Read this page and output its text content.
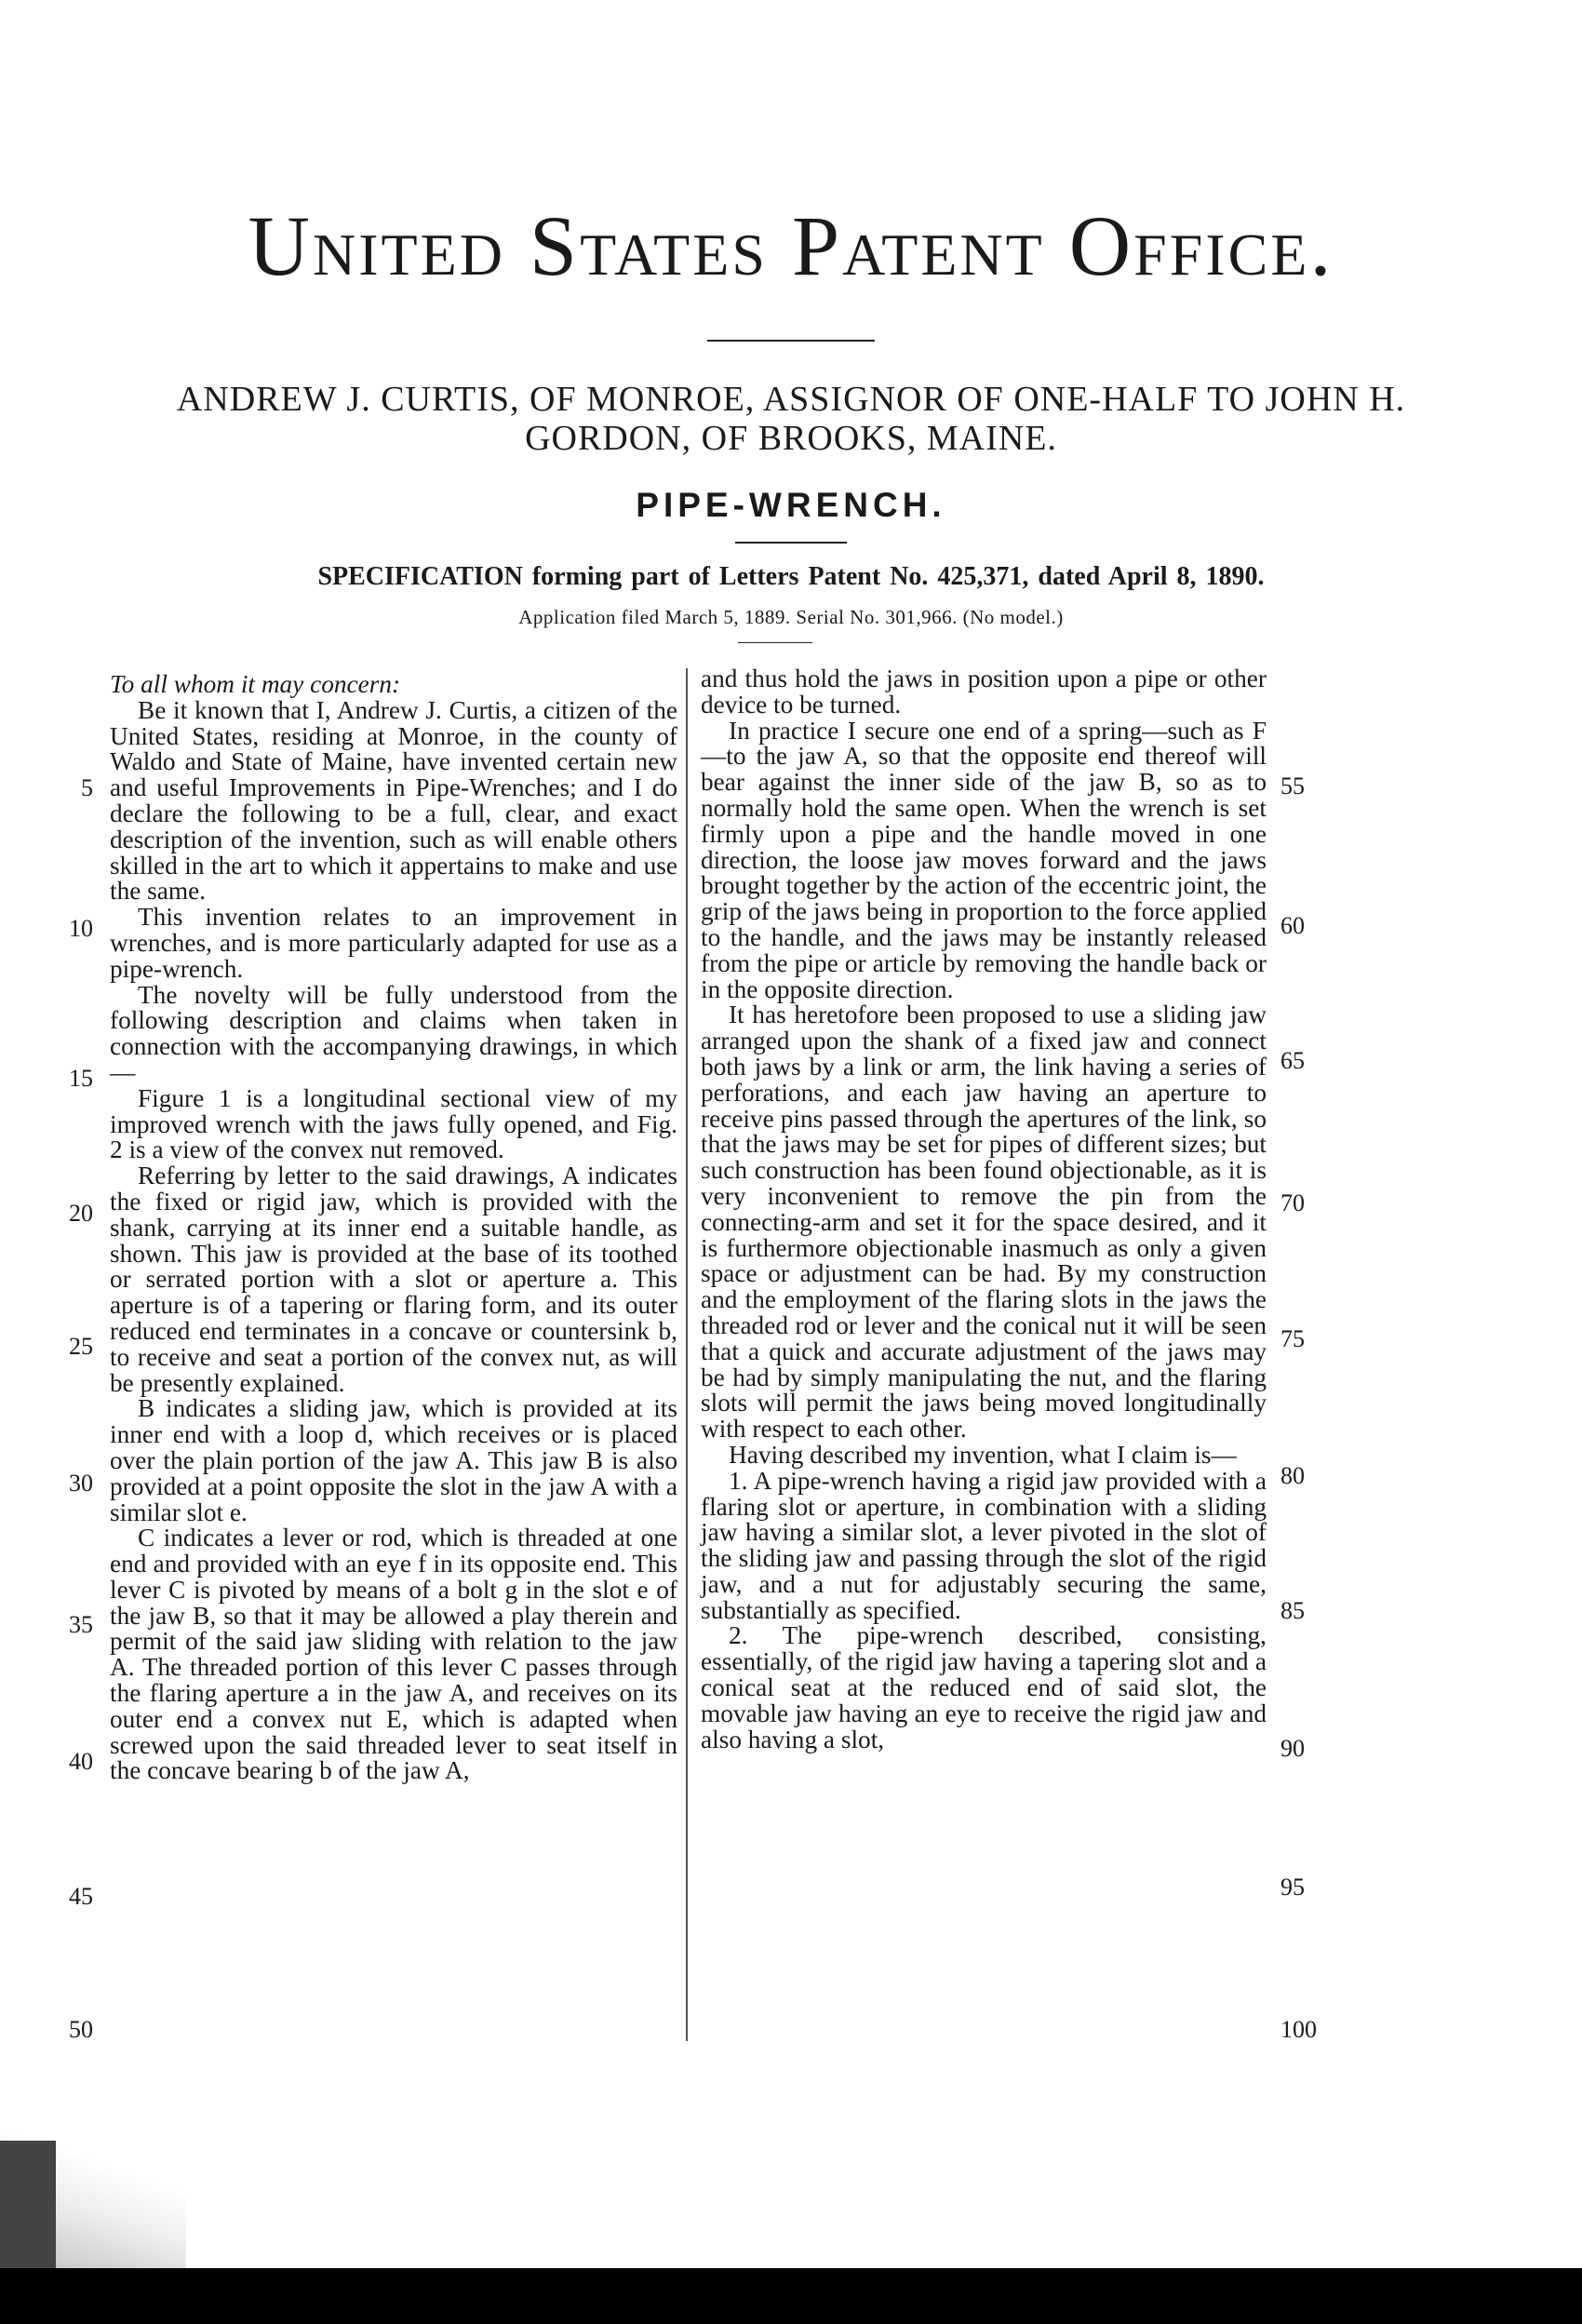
United States Patent Office.
ANDREW J. CURTIS, OF MONROE, ASSIGNOR OF ONE-HALF TO JOHN H.
GORDON, OF BROOKS, MAINE.
PIPE-WRENCH.
SPECIFICATION forming part of Letters Patent No. 425,371, dated April 8, 1890.
Application filed March 5, 1889. Serial No. 301,966. (No model.)

To all whom it may concern:

Be it known that I, Andrew J. Curtis, a citizen of the United States, residing at Monroe, in the county of Waldo and State of Maine, have invented certain new and useful Improvements in Pipe-Wrenches; and I do declare the following to be a full, clear, and exact description of the invention, such as will enable others skilled in the art to which it appertains to make and use the same.

This invention relates to an improvement in wrenches, and is more particularly adapted for use as a pipe-wrench.

The novelty will be fully understood from the following description and claims when taken in connection with the accompanying drawings, in which—

Figure 1 is a longitudinal sectional view of my improved wrench with the jaws fully opened, and Fig. 2 is a view of the convex nut removed.

Referring by letter to the said drawings, A indicates the fixed or rigid jaw, which is provided with the shank, carrying at its inner end a suitable handle, as shown. This jaw is provided at the base of its toothed or serrated portion with a slot or aperture a. This aperture is of a tapering or flaring form, and its outer reduced end terminates in a concave or countersink b, to receive and seat a portion of the convex nut, as will be presently explained.

B indicates a sliding jaw, which is provided at its inner end with a loop d, which receives or is placed over the plain portion of the jaw A. This jaw B is also provided at a point opposite the slot in the jaw A with a similar slot e.

C indicates a lever or rod, which is threaded at one end and provided with an eye f in its opposite end. This lever C is pivoted by means of a bolt g in the slot e of the jaw B, so that it may be allowed a play therein and permit of the said jaw sliding with relation to the jaw A. The threaded portion of this lever C passes through the flaring aperture a in the jaw A, and receives on its outer end a convex nut E, which is adapted when screwed upon the said threaded lever to seat itself in the concave bearing b of the jaw A,

and thus hold the jaws in position upon a pipe or other device to be turned.

In practice I secure one end of a spring—such as F—to the jaw A, so that the opposite end thereof will bear against the inner side of the jaw B, so as to normally hold the same open. When the wrench is set firmly upon a pipe and the handle moved in one direction, the loose jaw moves forward and the jaws brought together by the action of the eccentric joint, the grip of the jaws being in proportion to the force applied to the handle, and the jaws may be instantly released from the pipe or article by removing the handle back or in the opposite direction.

It has heretofore been proposed to use a sliding jaw arranged upon the shank of a fixed jaw and connect both jaws by a link or arm, the link having a series of perforations, and each jaw having an aperture to receive pins passed through the apertures of the link, so that the jaws may be set for pipes of different sizes; but such construction has been found objectionable, as it is very inconvenient to remove the pin from the connecting-arm and set it for the space desired, and it is furthermore objectionable inasmuch as only a given space or adjustment can be had. By my construction and the employment of the flaring slots in the jaws the threaded rod or lever and the conical nut it will be seen that a quick and accurate adjustment of the jaws may be had by simply manipulating the nut, and the flaring slots will permit the jaws being moved longitudinally with respect to each other.

Having described my invention, what I claim is—

1. A pipe-wrench having a rigid jaw provided with a flaring slot or aperture, in combination with a sliding jaw having a similar slot, a lever pivoted in the slot of the sliding jaw and passing through the slot of the rigid jaw, and a nut for adjustably securing the same, substantially as specified.

2. The pipe-wrench described, consisting, essentially, of the rigid jaw having a tapering slot and a conical seat at the reduced end of said slot, the movable jaw having an eye to receive the rigid jaw and also having a slot,

5
10
15
20
25
30
35
40
45
50
55
60
65
70
75
80
85
90
95
100
